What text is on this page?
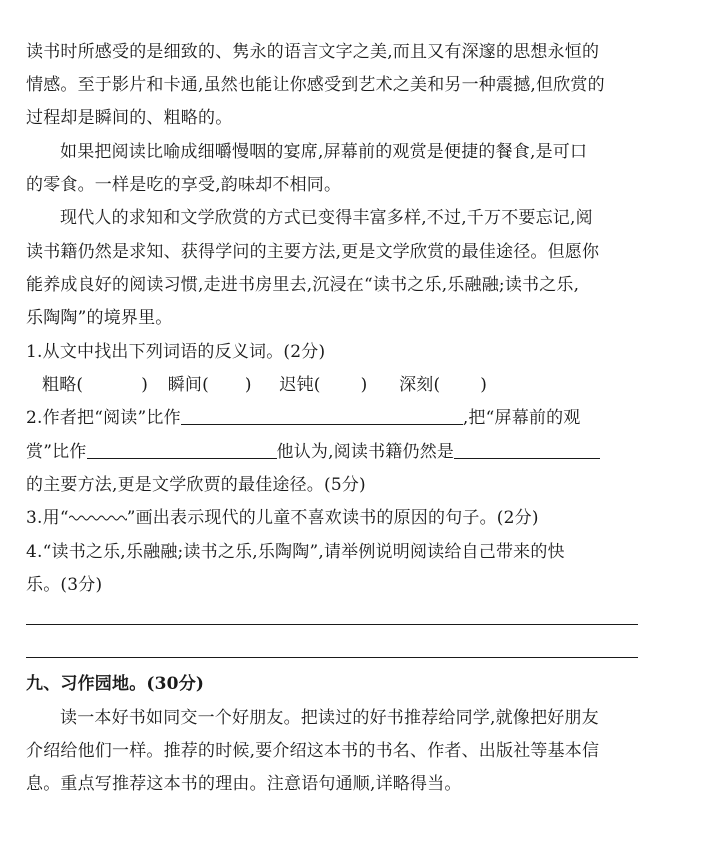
读书时所感受的是细致的、隽永的语言文字之美,而且又有深邃的思想永恒的
情感。至于影片和卡通,虽然也能让你感受到艺术之美和另一种震撼,但欣赏的
过程却是瞬间的、粗略的。
如果把阅读比喻成细嚼慢咽的宴席,屏幕前的观赏是便捷的餐食,是可口
的零食。一样是吃的享受,韵味却不相同。
现代人的求知和文学欣赏的方式已变得丰富多样,不过,千万不要忘记,阅
读书籍仍然是求知、获得学问的主要方法,更是文学欣赏的最佳途径。但愿你
能养成良好的阅读习惯,走进书房里去,沉浸在“读书之乐,乐融融;读书之乐,
乐陶陶”的境界里。
1.从文中找出下列词语的反义词。(2分)
粗略(	) 瞬间( ) 迟钝( ) 深刻( )
2.作者把“阅读”比作	,把“屏幕前的观
赏”比作	他认为,阅读书籍仍然是
的主要方法,更是文学欣贾的最佳途径。(5分)
3.用“	”画出表示现代的儿童不喜欢读书的原因的句子。(2分)
4.“读书之乐,乐融融;读书之乐,乐陶陶”,请举例说明阅读给自己带来的快
乐。(3分)
九、习作园地。(30分)
读一本好书如同交一个好朋友。把读过的好书推荐给同学,就像把好朋友
介绍给他们一样。推荐的时候,要介绍这本书的书名、作者、出版社等基本信
息。重点写推荐这本书的理由。注意语句通顺,详略得当。
